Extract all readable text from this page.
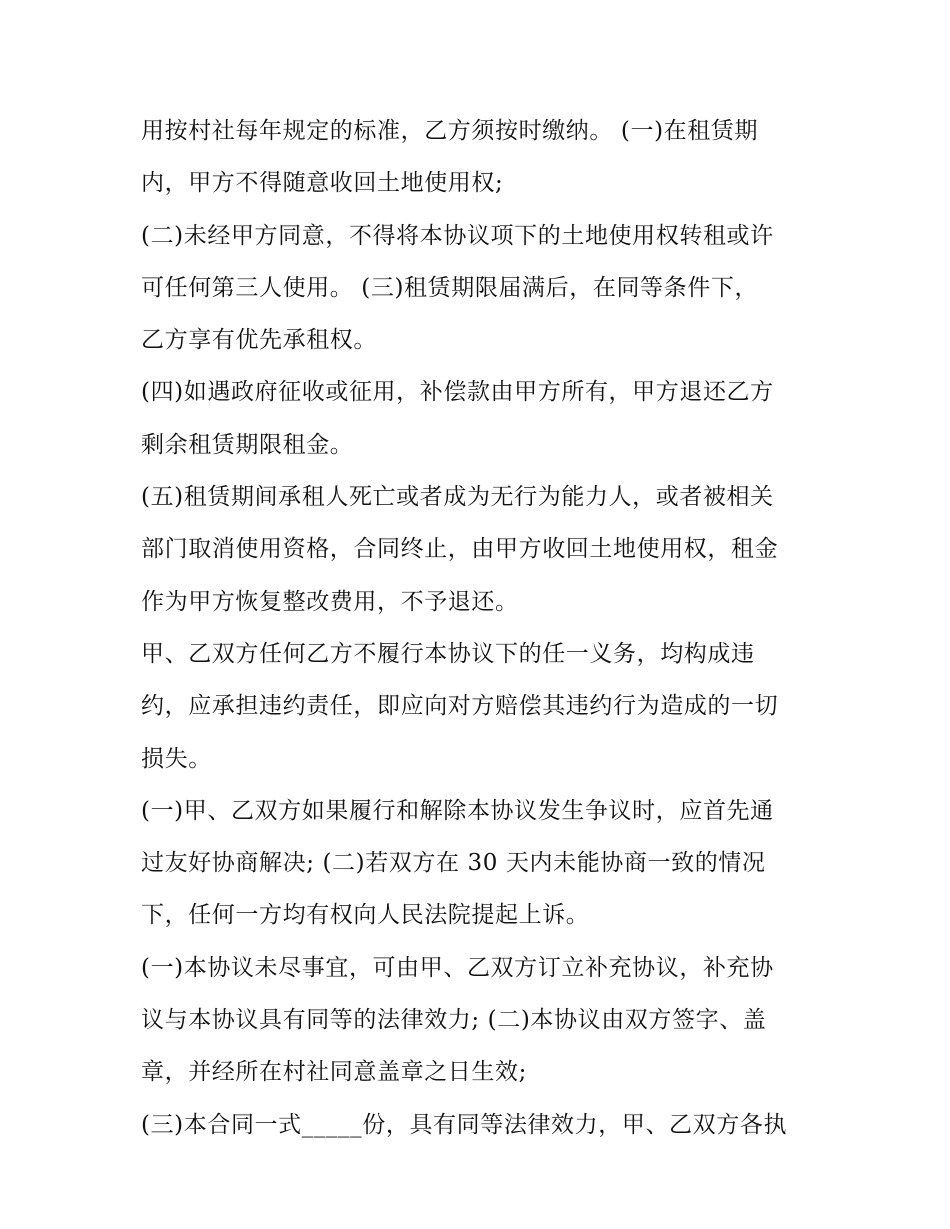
用按村社每年规定的标准，乙方须按时缴纳。 (一)在租赁期
内，甲方不得随意收回土地使用权;
(二)未经甲方同意，不得将本协议项下的土地使用权转租或许
可任何第三人使用。 (三)租赁期限届满后，在同等条件下，
乙方享有优先承租权。
(四)如遇政府征收或征用，补偿款由甲方所有，甲方退还乙方
剩余租赁期限租金。
(五)租赁期间承租人死亡或者成为无行为能力人，或者被相关
部门取消使用资格，合同终止，由甲方收回土地使用权，租金
作为甲方恢复整改费用，不予退还。
甲、乙双方任何乙方不履行本协议下的任一义务，均构成违
约，应承担违约责任，即应向对方赔偿其违约行为造成的一切
损失。
(一)甲、乙双方如果履行和解除本协议发生争议时，应首先通
过友好协商解决; (二)若双方在 30 天内未能协商一致的情况
下，任何一方均有权向人民法院提起上诉。
(一)本协议未尽事宜，可由甲、乙双方订立补充协议，补充协
议与本协议具有同等的法律效力; (二)本协议由双方签字、盖
章，并经所在村社同意盖章之日生效;
(三)本合同一式_____份，具有同等法律效力，甲、乙双方各执
